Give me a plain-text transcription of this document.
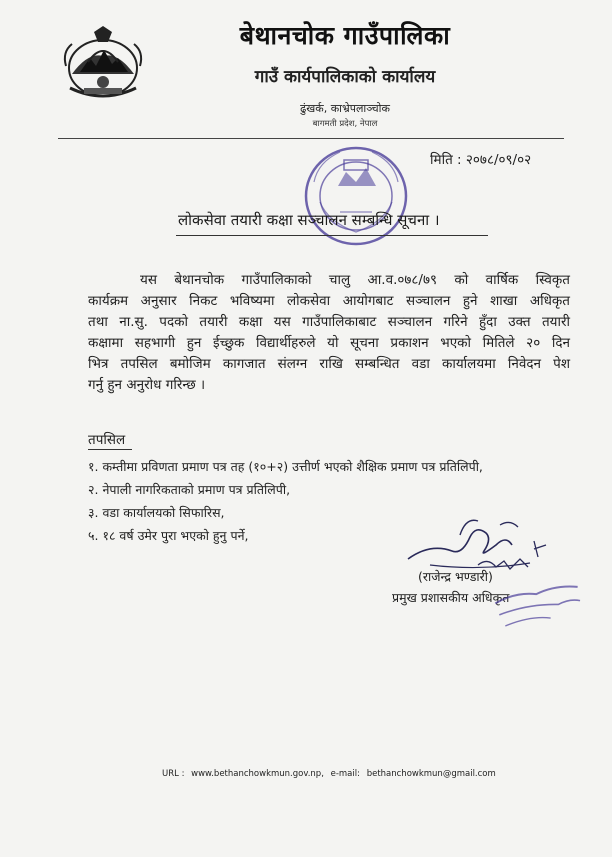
बेथानचोक गाउँपालिका
गाउँ कार्यपालिकाको कार्यालय
ढुंखर्क, काभ्रेपलाञ्चोक
बागमती प्रदेश, नेपाल
मिति : २०७८/०९/०२
लोकसेवा तयारी कक्षा सञ्चालन सम्बन्धि सूचना ।
यस बेथानचोक गाउँपालिकाको चालु आ.व.०७८/७९ को वार्षिक स्विकृत
कार्यक्रम अनुसार निकट भविष्यमा लोकसेवा आयोगबाट सञ्चालन हुने शाखा अधिकृत
तथा ना.सु. पदको तयारी कक्षा यस गाउँपालिकाबाट सञ्चालन गरिने हुँदा उक्त तयारी
कक्षामा सहभागी हुन ईच्छुक विद्यार्थीहरुले यो सूचना प्रकाशन भएको मितिले २० दिन
भित्र तपसिल बमोजिम कागजात संलग्न राखि सम्बन्धित वडा कार्यालयमा निवेदन पेश
गर्नु हुन अनुरोध गरिन्छ ।
तपसिल
१. कम्तीमा प्रविणता प्रमाण पत्र तह (१०+२) उत्तीर्ण भएको शैक्षिक प्रमाण पत्र प्रतिलिपी,
२. नेपाली नागरिकताको प्रमाण पत्र प्रतिलिपी,
३. वडा कार्यालयको सिफारिस,
५. १८ वर्ष उमेर पुरा भएको हुनु पर्ने,
(राजेन्द्र भण्डारी)
प्रमुख प्रशासकीय अधिकृत
URL : www.bethanchowkmun.gov.np, e-mail: bethanchowkmun@gmail.com
